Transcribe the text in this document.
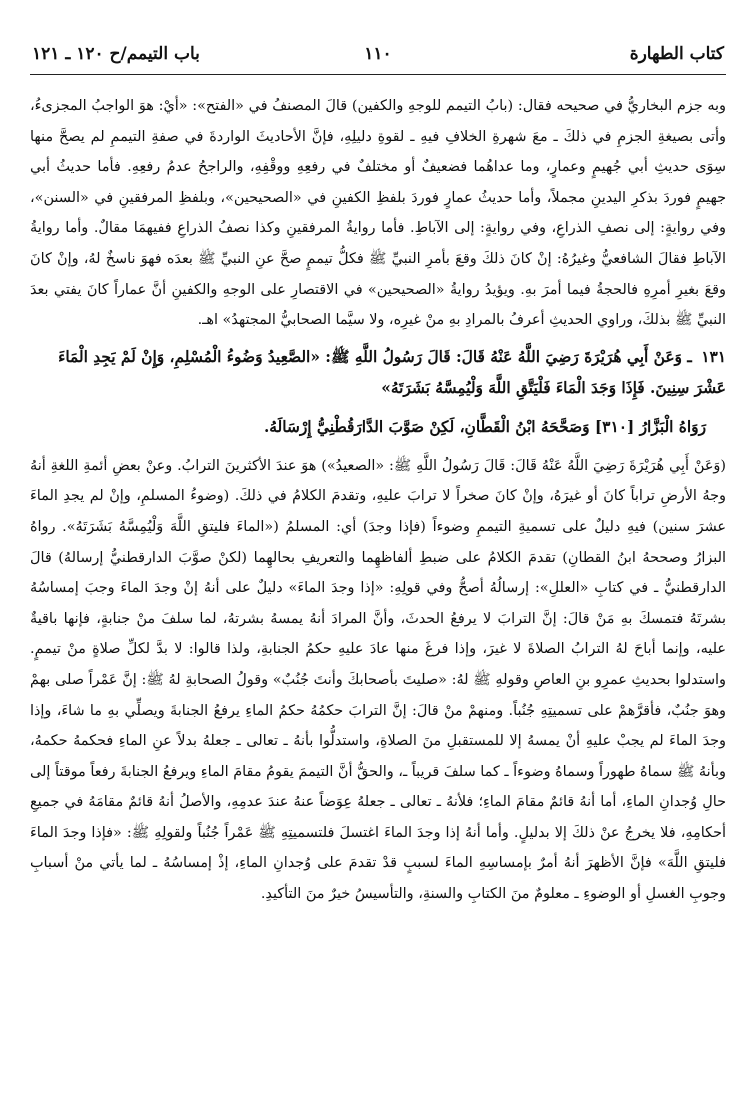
كتاب الطهارة
١١٠
باب التيمم/ح ١٢٠ ـ ١٢١

وبه جزم البخاريُّ في صحيحه فقال: (بابُ التيمم للوجهِ والكفين) قالَ المصنفُ في «الفتح»: «أيْ: هوَ الواجبُ المجزىءُ، وأتى بصيغةِ الجزمِ في ذلكَ ـ معَ شهرةِ الخلافِ فيهِ ـ لقوةِ دليلِهِ، فإنَّ الأحاديثَ الواردةَ في صفةِ التيممِ لم يصحَّ منها سِوَى حديثِ أبي جُهيمٍ وعمارٍ، وما عداهُما فضعيفٌ أو مختلفٌ في رفعِهِ ووقْفِهِ، والراجحُ عدمُ رفعِهِ. فأما حديثُ أبي جهيمٍ فوردَ بذكرِ اليدينِ مجملاً، وأما حديثُ عمارٍ فوردَ بلفظِ الكفينِ في «الصحيحين»، وبلفظِ المرفقينِ في «السنن»، وفي روايةٍ: إلى نصفِ الذراعِ، وفي روايةٍ: إلى الآباطِ. فأما روايةُ المرفقينِ وكذا نصفُ الذراعِ ففيهمَا مقالٌ. وأما روايةُ الآباطِ فقالَ الشافعيُّ وغيرُهُ: إنْ كانَ ذلكَ وقعَ بأمرِ النبيِّ ﷺ فكلُّ تيممٍ صحَّ عنِ النبيِّ ﷺ بعدَه فهوَ ناسخٌ لهُ، وإنْ كانَ وقعَ بغيرِ أمرِهِ فالحجةُ فيما أمرَ بهِ. ويؤيدُ روايةُ «الصحيحين» في الاقتصارِ على الوجهِ والكفينِ أنَّ عماراً كانَ يفتي بعدَ النبيِّ ﷺ بذلكَ، وراوي الحديثِ أعرفُ بالمرادِ بهِ منْ غيرِه، ولا سيَّما الصحابيُّ المجتهدُ» اهـ.

١٣١ ـ وَعَنْ أَبِي هُرَيْرَةَ رَضِيَ اللَّهُ عَنْهُ قَالَ: قَالَ رَسُولُ اللَّهِ ﷺ: «الصَّعِيدُ وَضُوءُ الْمُسْلِمِ، وَإِنْ لَمْ يَجِدِ الْمَاءَ عَشْرَ سِنِينَ. فَإِذَا وَجَدَ الْمَاءَ فَلْيَتَّقِ اللَّهَ وَلْيُمِسَّهُ بَشَرَتَهُ»
رَوَاهُ الْبَزَّارُ [٣١٠] وَصَحَّحَهُ ابْنُ الْقَطَّانِ، لَكِنْ صَوَّبَ الدَّارَقُطْنِيُّ إِرْسَالَهُ.
(وَعَنْ أَبِي هُرَيْرَةَ رَضِيَ اللَّهُ عَنْهُ قَالَ: قَالَ رَسُولُ اللَّهِ ﷺ: «الصعيدُ») هوَ عندَ الأكثرينَ الترابُ. وعنْ بعضِ أئمةِ اللغةِ أنهُ وجهُ الأرضِ تراباً كانَ أو غيرَهُ، وإنْ كانَ صخراً لا ترابَ عليهِ، وتقدمَ الكلامُ في ذلكَ. (وضوءُ المسلمِ، وإنْ لم يجدِ الماءَ عشرَ سنين) فيهِ دليلٌ على تسميةِ التيممِ وضوءاً (فإذا وجدَ) أي: المسلمُ («الماءَ فليتقِ اللَّهَ وَلْيُمِسَّهُ بَشَرَتَهُ». رواهُ البزارُ وصححهُ ابنُ القطانِ) تقدمَ الكلامُ على ضبطِ ألفاظهِما والتعريفِ بحالهِما (لكنْ صوَّبَ الدارقطنيُّ إرسالهُ) قالَ الدارقطنيُّ ـ في كتابِ «العللِ»: إرسالُهُ أصحُّ وفي قولِهِ: «إذا وجدَ الماءَ» دليلٌ على أنهُ إنْ وجدَ الماءَ وجبَ إمساسُهُ بشرتَهُ فتمسكَ بهِ مَنْ قالَ: إنَّ الترابَ لا يرفعُ الحدثَ، وأنَّ المرادَ أنهُ يمسهُ بشرتهُ، لما سلفَ منْ جنابةٍ، فإنها باقيةٌ عليه، وإنما أباحَ لهُ الترابُ الصلاةَ لا غيرَ، وإذا فرغَ منها عادَ عليهِ حكمُ الجنابةِ، ولذا قالوا: لا بدَّ لكلِّ صلاةٍ منْ تيممٍ. واستدلوا بحديثِ عمرِو بنِ العاصِ وقولهِ ﷺ لهُ: «صليتَ بأصحابكَ وأنتَ جُنُبٌ» وقولُ الصحابةِ لهُ ﷺ: إنَّ عَمْراً صلى بهمْ وهوَ جنُبٌ، فأقرَّهمْ على تسميتِهِ جُنُباً. ومنهمْ منْ قالَ: إنَّ الترابَ حكمُهُ حكمُ الماءِ يرفعُ الجنابةَ ويصلِّي بهِ ما شاءَ، وإذا وجدَ الماءَ لم يجبْ عليهِ أنْ يمسهُ إلا للمستقبلِ منَ الصلاةِ، واستدلُّوا بأنهُ ـ تعالى ـ جعلهُ بدلاً عنِ الماءِ فحكمهُ حكمهُ، وبأنهُ ﷺ سماهُ طهوراً وسماهُ وضوءاً ـ كما سلفَ قريباً ـ، والحقُّ أنَّ التيممَ يقومُ مقامَ الماءِ ويرفعُ الجنابةَ رفعاً موقتاً إلى حالِ وُجدانِ الماءِ، أما أنهُ قائمٌ مقامَ الماءِ؛ فلأنهُ ـ تعالى ـ جعلهُ عِوَضاً عنهُ عندَ عدمِهِ، والأصلُ أنهُ قائمٌ مقامَهُ في جميعِ أحكامِهِ، فلا يخرجُ عنْ ذلكَ إلا بدليلٍ. وأما أنهُ إذا وجدَ الماءَ اغتسلَ فلتسميتِهِ ﷺ عَمْراً جُنُباً ولقولِهِ ﷺ: «فإذا وجدَ الماءَ فليتقِ اللَّهَ» فإنَّ الأظهرَ أنهُ أمرٌ بإمساسِهِ الماءَ لسببٍ قدْ تقدمَ على وُجدانِ الماءِ، إذْ إمساسُهُ ـ لما يأتي منْ أسبابِ وجوبِ الغسلِ أو الوضوءِ ـ معلومٌ منَ الكتابِ والسنةِ، والتأسيسُ خيرٌ منَ التأكيدِ.
